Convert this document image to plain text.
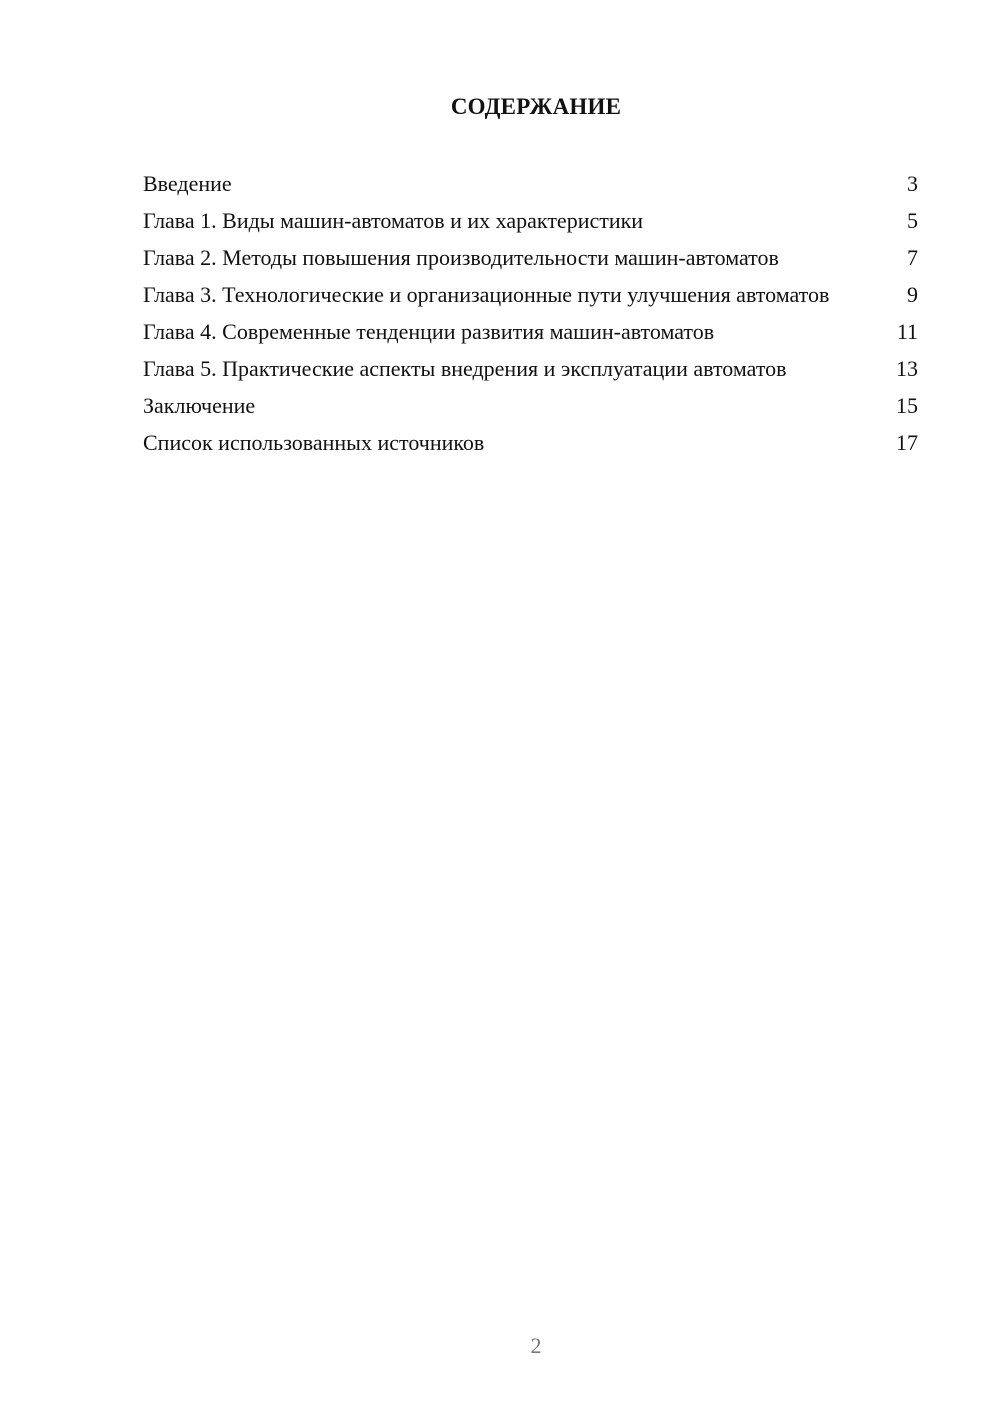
СОДЕРЖАНИЕ
Введение	3
Глава 1. Виды машин-автоматов и их характеристики	5
Глава 2. Методы повышения производительности машин-автоматов	7
Глава 3. Технологические и организационные пути улучшения автоматов	9
Глава 4. Современные тенденции развития машин-автоматов	11
Глава 5. Практические аспекты внедрения и эксплуатации автоматов	13
Заключение	15
Список использованных источников	17
2
